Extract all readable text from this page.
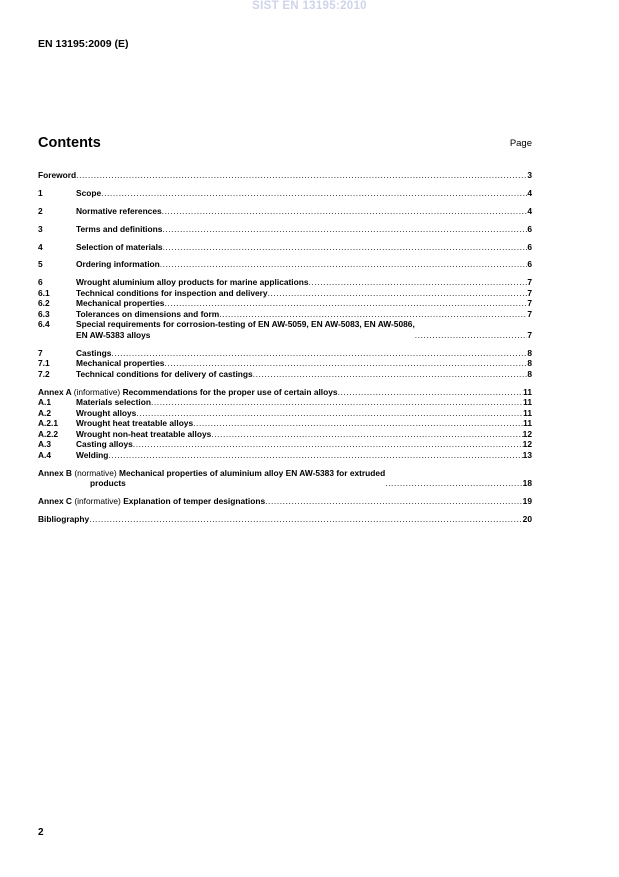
SIST EN 13195:2010
EN 13195:2009 (E)
Contents	Page
Foreword .....	3
1	Scope .....	4
2	Normative references .....	4
3	Terms and definitions .....	6
4	Selection of materials .....	6
5	Ordering information .....	6
6	Wrought aluminium alloy products for marine applications .....	7
6.1	Technical conditions for inspection and delivery .....	7
6.2	Mechanical properties .....	7
6.3	Tolerances on dimensions and form .....	7
6.4	Special requirements for corrosion-testing of EN AW-5059, EN AW-5083, EN AW-5086,
EN AW-5383 alloys .....	7
7	Castings .....	8
7.1	Mechanical properties .....	8
7.2	Technical conditions for delivery of castings .....	8
Annex A (informative) Recommendations for the proper use of certain alloys .....	11
A.1	Materials selection .....	11
A.2	Wrought alloys .....	11
A.2.1	Wrought heat treatable alloys .....	11
A.2.2	Wrought non-heat treatable alloys .....	12
A.3	Casting alloys .....	12
A.4	Welding .....	13
Annex B (normative) Mechanical properties of aluminium alloy EN AW-5383 for extruded
products .....	18
Annex C (informative) Explanation of temper designations .....	19
Bibliography .....	20
2
